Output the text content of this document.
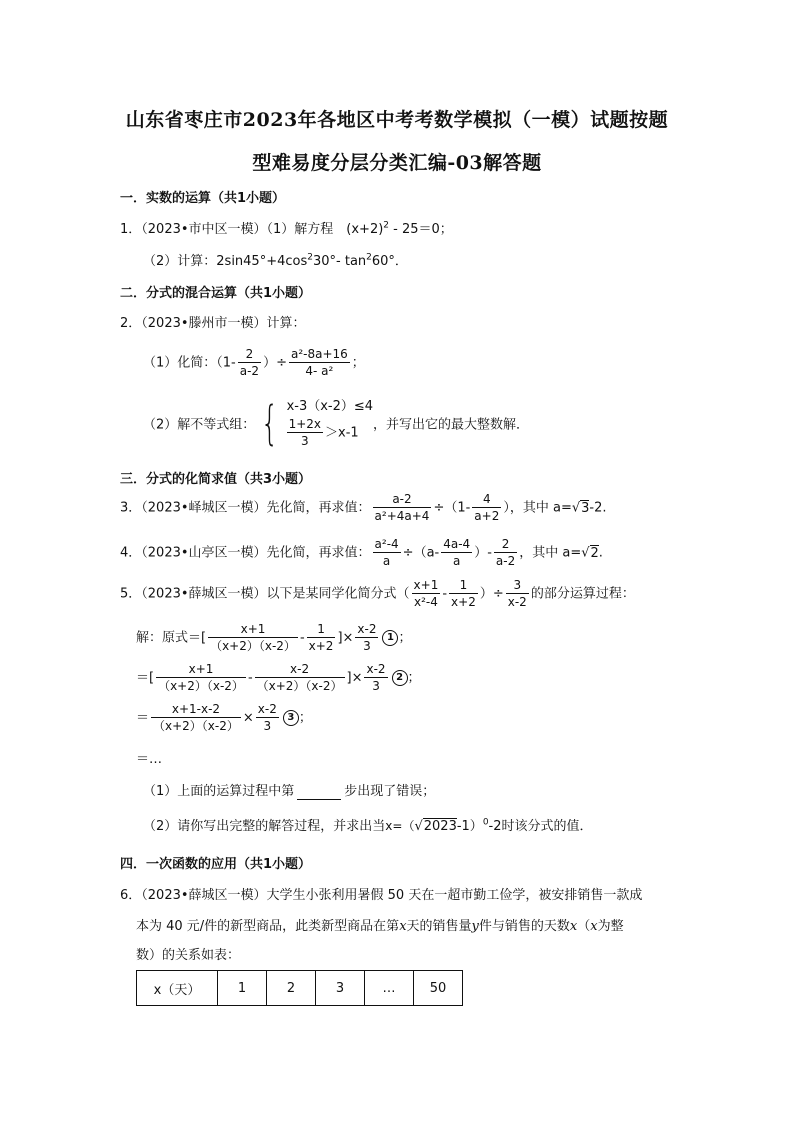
山东省枣庄市2023年各地区中考考数学模拟（一模）试题按题
型难易度分层分类汇编-03解答题
一．实数的运算（共1小题）
1．（2023•市中区一模）（1）解方程　$(x+2)^2 - 25=0$；
（2）计算：$2\sin 45^\circ+4\cos^230^\circ-$ $\tan^260^\circ$．
二．分式的混合运算（共1小题）
2．（2023•滕州市一模）计算：
（1）化简：（$1- \frac{2}{a-2}$ ）÷ $\frac{\text{a²-8a+16}}{\text{4- a²}}$ ；
（2）解不等式组： { x-3（x-2）≤4
$\frac{1+2x}{3} >x-1$
，并写出它的最大整数解．
三．分式的化简求值（共3小题）
3．（2023•峄城区一模）先化简，再求值： $\frac{a-2}{\text{a²+4a+4}} \div(1- \frac{4}{a+2}$ ），其中 a=√3-2.
4．（2023•山亭区一模）先化简，再求值： $\frac{\text{a²-4}}{a} \div(a- \frac{4a-4}{a}$ ）- $\frac{2}{a-2}$ ，其中 a=√2.
5．（2023•薛城区一模）以下是某同学化简分式（ $\frac{x+1}{\text{x²-4}} - \frac{1}{x+2}$ ）÷ $\frac{3}{x-2}$ 的部分运算过程：
解：原式＝[ $\frac{x+1}{(x+2)(x-2)} - \frac{1}{x+2}$ ]× $\frac{x-2}{3} 1$ ；
＝[ $\frac{x+1}{(x+2)(x-2)} - \frac{x-2}{(x+2)(x-2)}$ ]× $\frac{x-2}{3} 2$ ；
＝ $\frac{x+1-x-2}{(x+2)(x-2)} \times \frac{x-2}{3} 3$ ；
＝…
（1）上面的运算过程中第	步出现了错误；
（2）请你写出完整的解答过程，并求出当$x=(√2023-1)^0-2$时该分式的值．
四．一次函数的应用（共1小题）
6．（2023•薛城区一模）大学生小张利用暑假 50 天在一超市勤工俭学，被安排销售一款成
本为 40 元/件的新型商品，此类新型商品在第x天的销售量y件与销售的天数x（x为整
数）的关系如表：
x（天）	1	2	3	…	50
